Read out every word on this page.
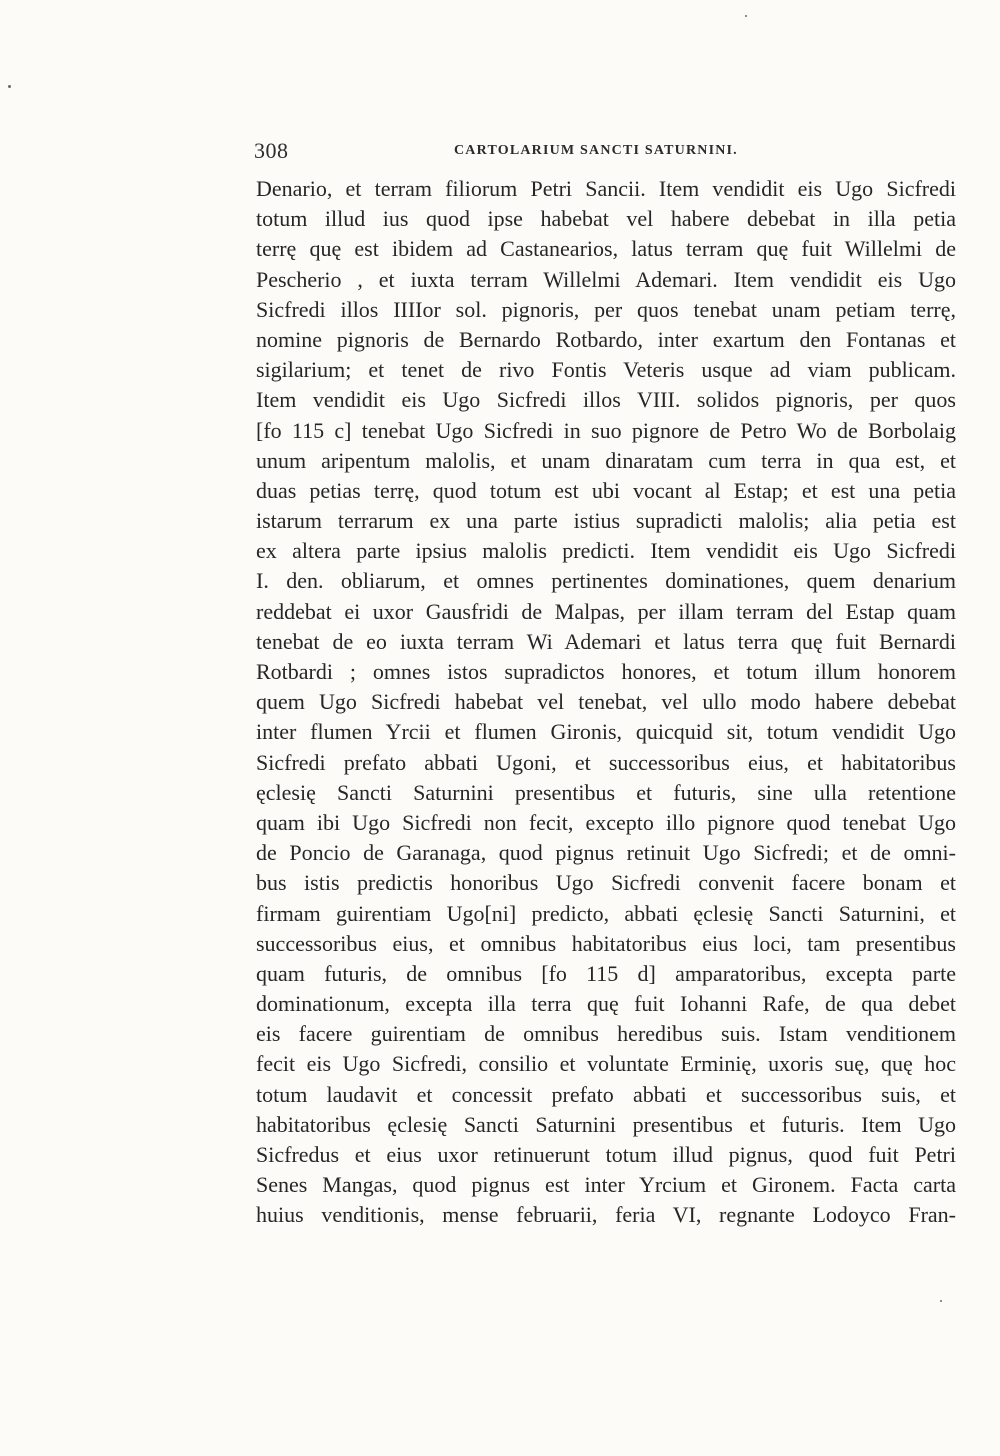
308	CARTOLARIUM SANCTI SATURNINI.
Denario, et terram filiorum Petri Sancii. Item vendidit eis Ugo Sicfredi
totum illud ius quod ipse habebat vel habere debebat in illa petia
terrę quę est ibidem ad Castanearios, latus terram quę fuit Willelmi de
Pescherio , et iuxta terram Willelmi Ademari. Item vendidit eis Ugo
Sicfredi illos IIIIor sol. pignoris, per quos tenebat unam petiam terrę,
nomine pignoris de Bernardo Rotbardo, inter exartum den Fontanas et
sigilarium; et tenet de rivo Fontis Veteris usque ad viam publicam.
Item vendidit eis Ugo Sicfredi illos VIII. solidos pignoris, per quos
[fo 115 c] tenebat Ugo Sicfredi in suo pignore de Petro Wo de Borbolaig
unum aripentum malolis, et unam dinaratam cum terra in qua est, et
duas petias terrę, quod totum est ubi vocant al Estap; et est una petia
istarum terrarum ex una parte istius supradicti malolis; alia petia est
ex altera parte ipsius malolis predicti. Item vendidit eis Ugo Sicfredi
I. den. obliarum, et omnes pertinentes dominationes, quem denarium
reddebat ei uxor Gausfridi de Malpas, per illam terram del Estap quam
tenebat de eo iuxta terram Wi Ademari et latus terra quę fuit Bernardi
Rotbardi ; omnes istos supradictos honores, et totum illum honorem
quem Ugo Sicfredi habebat vel tenebat, vel ullo modo habere debebat
inter flumen Yrcii et flumen Gironis, quicquid sit, totum vendidit Ugo
Sicfredi prefato abbati Ugoni, et successoribus eius, et habitatoribus
ęclesię Sancti Saturnini presentibus et futuris, sine ulla retentione
quam ibi Ugo Sicfredi non fecit, excepto illo pignore quod tenebat Ugo
de Poncio de Garanaga, quod pignus retinuit Ugo Sicfredi; et de omni-
bus istis predictis honoribus Ugo Sicfredi convenit facere bonam et
firmam guirentiam Ugo[ni] predicto, abbati ęclesię Sancti Saturnini, et
successoribus eius, et omnibus habitatoribus eius loci, tam presentibus
quam futuris, de omnibus [fo 115 d] amparatoribus, excepta parte
dominationum, excepta illa terra quę fuit Iohanni Rafe, de qua debet
eis facere guirentiam de omnibus heredibus suis. Istam venditionem
fecit eis Ugo Sicfredi, consilio et voluntate Erminię, uxoris suę, quę hoc
totum laudavit et concessit prefato abbati et successoribus suis, et
habitatoribus ęclesię Sancti Saturnini presentibus et futuris. Item Ugo
Sicfredus et eius uxor retinuerunt totum illud pignus, quod fuit Petri
Senes Mangas, quod pignus est inter Yrcium et Gironem. Facta carta
huius venditionis, mense februarii, feria VI, regnante Lodoyco Fran-
